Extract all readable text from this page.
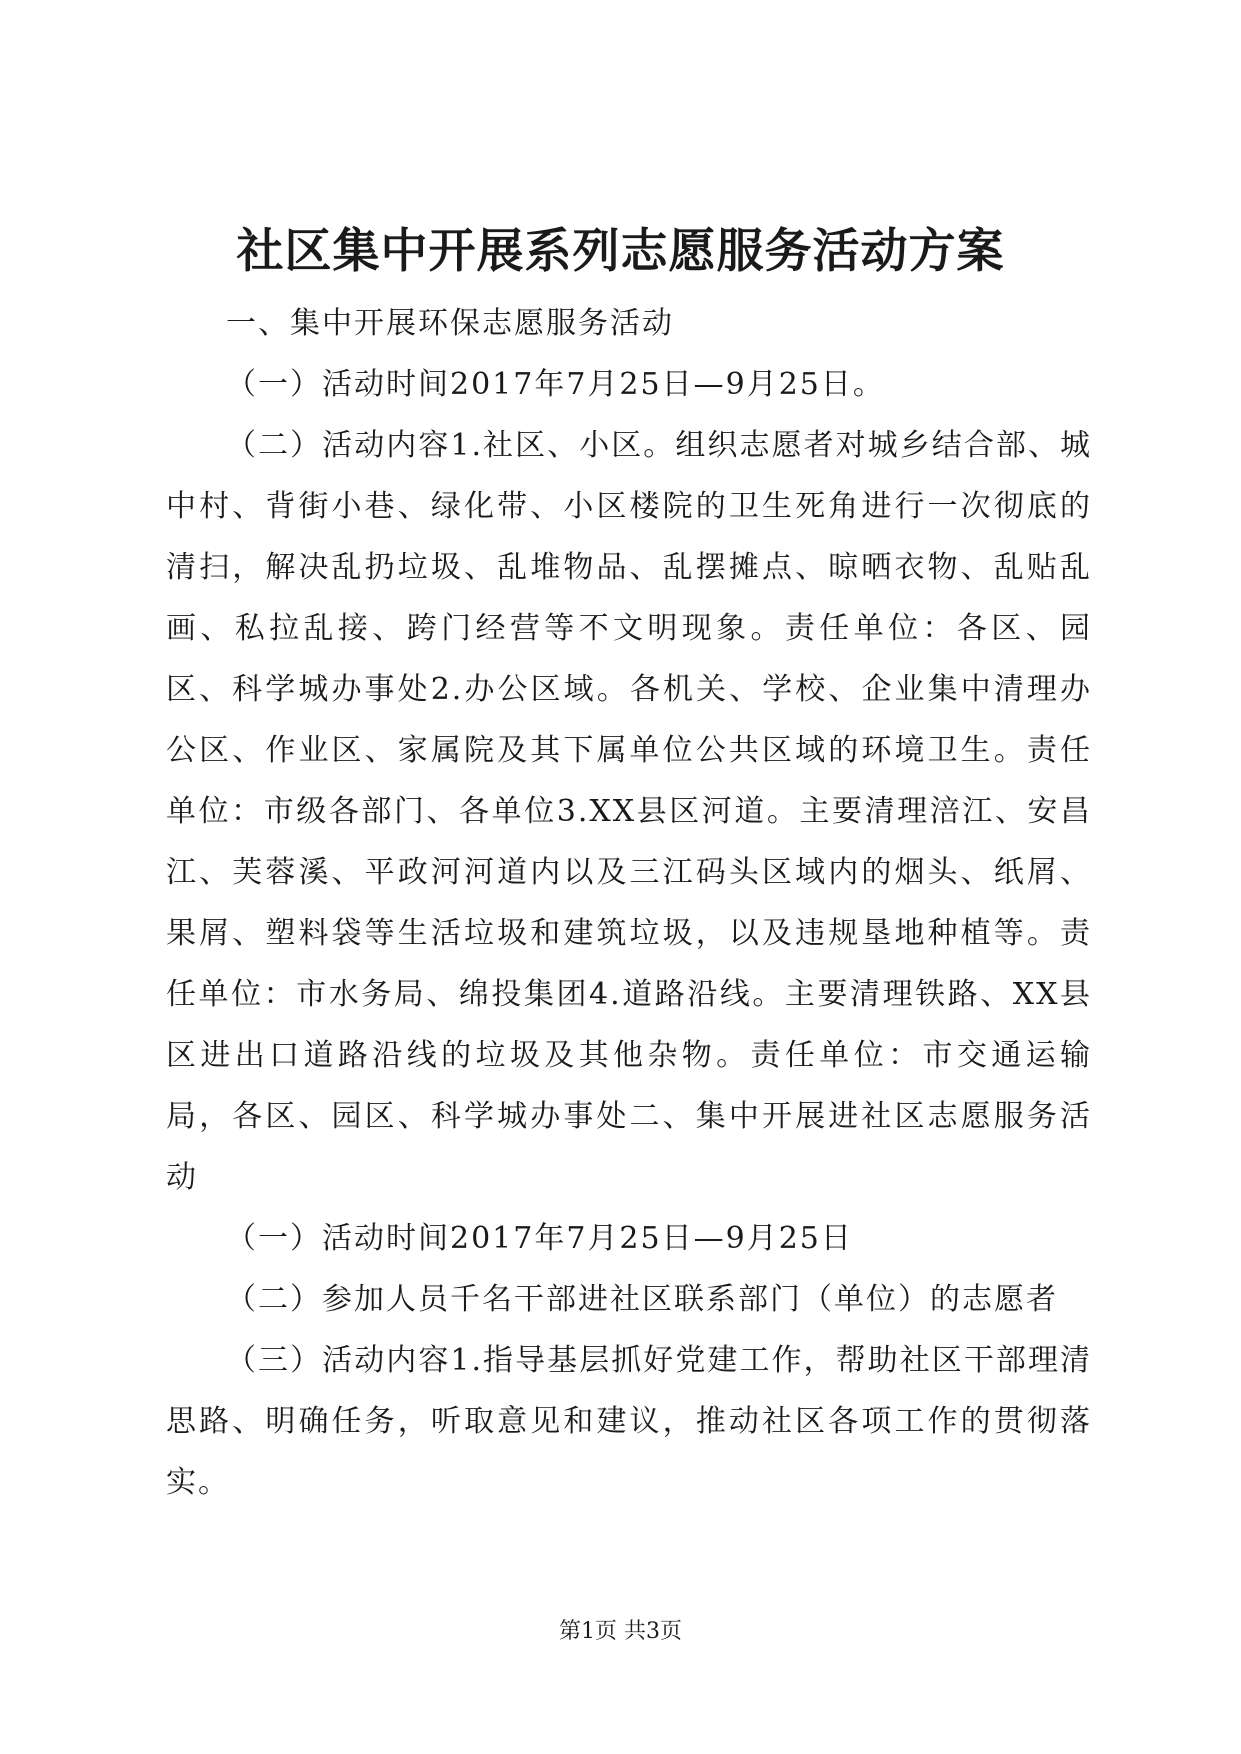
社区集中开展系列志愿服务活动方案

一、集中开展环保志愿服务活动

（一）活动时间2017年7月25日—9月25日。

（二）活动内容1.社区、小区。组织志愿者对城乡结合部、城中村、背街小巷、绿化带、小区楼院的卫生死角进行一次彻底的清扫，解决乱扔垃圾、乱堆物品、乱摆摊点、晾晒衣物、乱贴乱画、私拉乱接、跨门经营等不文明现象。责任单位：各区、园区、科学城办事处2.办公区域。各机关、学校、企业集中清理办公区、作业区、家属院及其下属单位公共区域的环境卫生。责任单位：市级各部门、各单位3.XX县区河道。主要清理涪江、安昌江、芙蓉溪、平政河河道内以及三江码头区域内的烟头、纸屑、果屑、塑料袋等生活垃圾和建筑垃圾，以及违规垦地种植等。责任单位：市水务局、绵投集团4.道路沿线。主要清理铁路、XX县区进出口道路沿线的垃圾及其他杂物。责任单位：市交通运输局，各区、园区、科学城办事处二、集中开展进社区志愿服务活动

（一）活动时间2017年7月25日—9月25日

（二）参加人员千名干部进社区联系部门（单位）的志愿者

（三）活动内容1.指导基层抓好党建工作，帮助社区干部理清思路、明确任务，听取意见和建议，推动社区各项工作的贯彻落实。

第1页 共3页
